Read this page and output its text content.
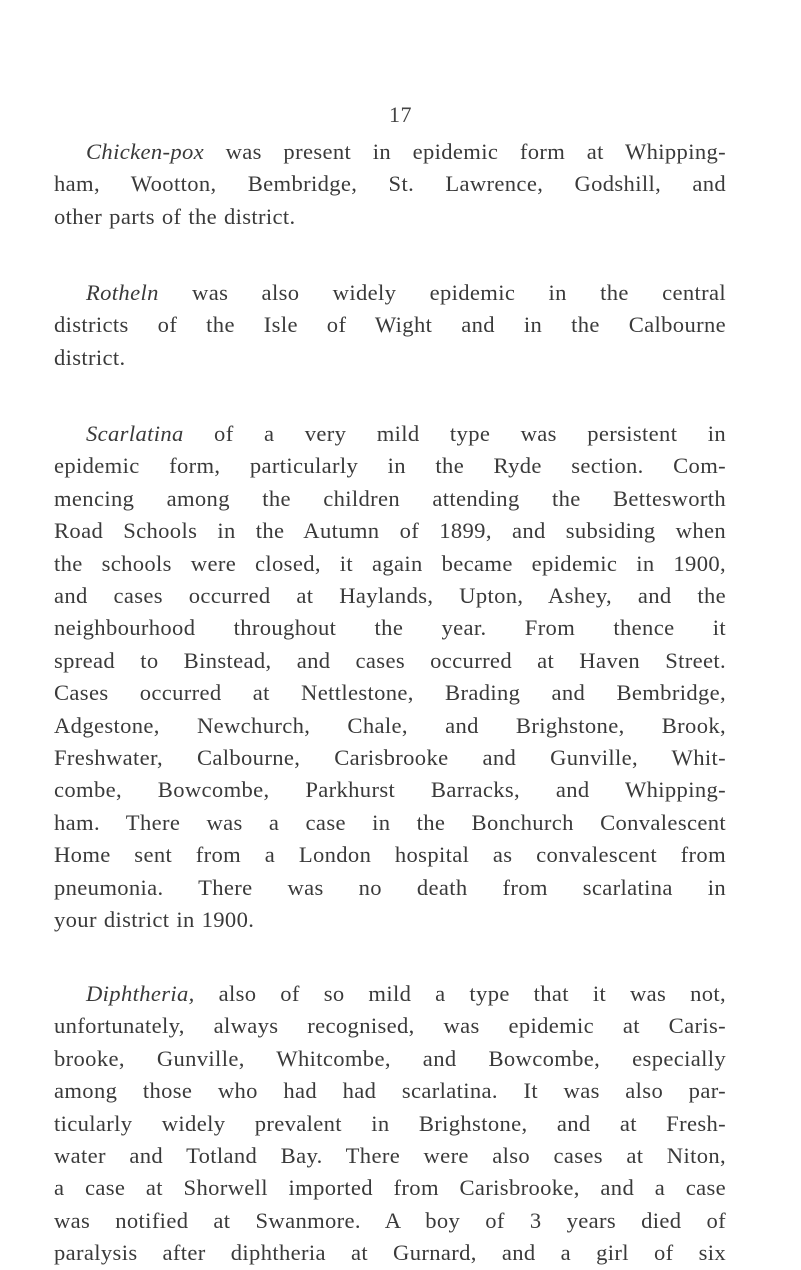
17

Chicken-pox was present in epidemic form at Whipping-
ham, Wootton, Bembridge, St. Lawrence, Godshill, and
other parts of the district.

Rotheln was also widely epidemic in the central
districts of the Isle of Wight and in the Calbourne
district.

Scarlatina of a very mild type was persistent in
epidemic form, particularly in the Ryde section. Com-
mencing among the children attending the Bettesworth
Road Schools in the Autumn of 1899, and subsiding when
the schools were closed, it again became epidemic in 1900,
and cases occurred at Haylands, Upton, Ashey, and the
neighbourhood throughout the year. From thence it
spread to Binstead, and cases occurred at Haven Street.
Cases occurred at Nettlestone, Brading and Bembridge,
Adgestone, Newchurch, Chale, and Brighstone, Brook,
Freshwater, Calbourne, Carisbrooke and Gunville, Whit-
combe, Bowcombe, Parkhurst Barracks, and Whipping-
ham. There was a case in the Bonchurch Convalescent
Home sent from a London hospital as convalescent from
pneumonia. There was no death from scarlatina in
your district in 1900.

Diphtheria, also of so mild a type that it was not,
unfortunately, always recognised, was epidemic at Caris-
brooke, Gunville, Whitcombe, and Bowcombe, especially
among those who had had scarlatina. It was also par-
ticularly widely prevalent in Brighstone, and at Fresh-
water and Totland Bay. There were also cases at Niton,
a case at Shorwell imported from Carisbrooke, and a case
was notified at Swanmore. A boy of 3 years died of
paralysis after diphtheria at Gurnard, and a girl of six
